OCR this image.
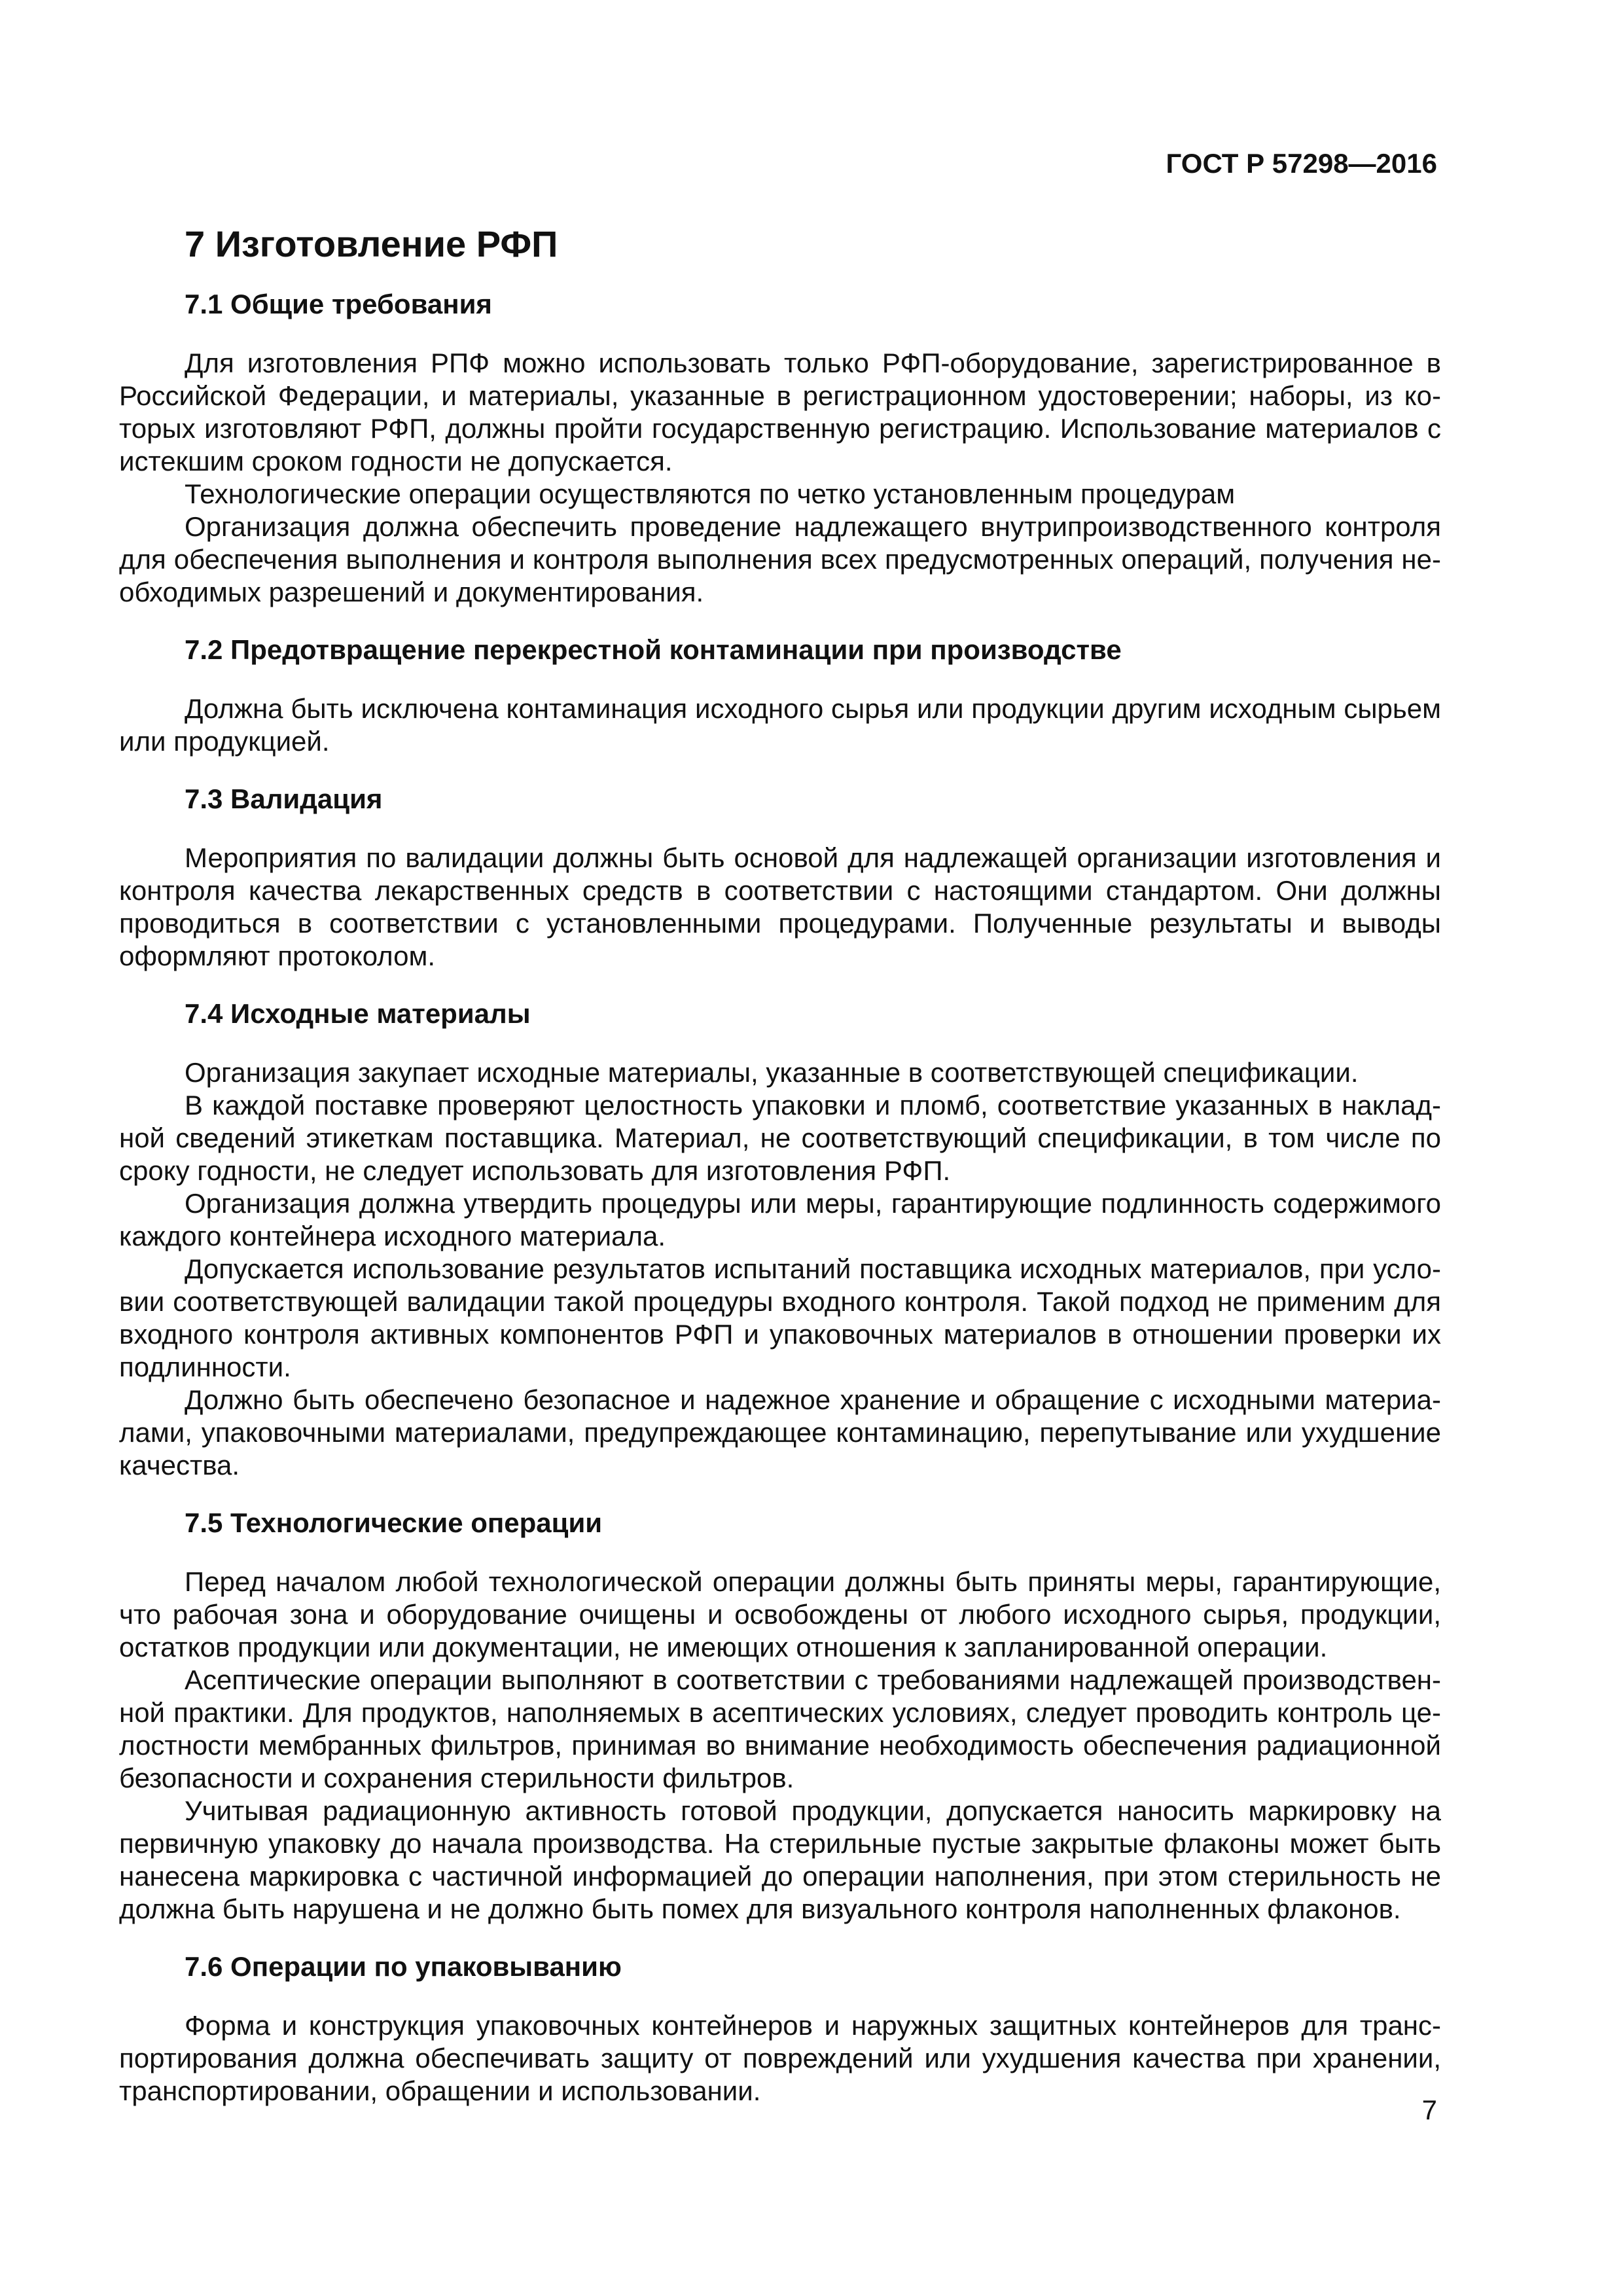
ГОСТ Р 57298—2016
7 Изготовление РФП
7.1 Общие требования

Для изготовления РПФ можно использовать только РФП-оборудование, зарегистрированное в Российской Федерации, и материалы, указанные в регистрационном удостоверении; наборы, из которых изготовляют РФП, должны пройти государственную регистрацию. Использование материалов с истекшим сроком годности не допускается.

Технологические операции осуществляются по четко установленным процедурам

Организация должна обеспечить проведение надлежащего внутрипроизводственного контроля для обеспечения выполнения и контроля выполнения всех предусмотренных операций, получения необходимых разрешений и документирования.

7.2 Предотвращение перекрестной контаминации при производстве

Должна быть исключена контаминация исходного сырья или продукции другим исходным сырьем или продукцией.

7.3 Валидация

Мероприятия по валидации должны быть основой для надлежащей организации изготовления и контроля качества лекарственных средств в соответствии с настоящими стандартом. Они должны проводиться в соответствии с установленными процедурами. Полученные результаты и выводы оформляют протоколом.

7.4 Исходные материалы

Организация закупает исходные материалы, указанные в соответствующей спецификации.

В каждой поставке проверяют целостность упаковки и пломб, соответствие указанных в накладной сведений этикеткам поставщика. Материал, не соответствующий спецификации, в том числе по сроку годности, не следует использовать для изготовления РФП.

Организация должна утвердить процедуры или меры, гарантирующие подлинность содержимого каждого контейнера исходного материала.

Допускается использование результатов испытаний поставщика исходных материалов, при условии соответствующей валидации такой процедуры входного контроля. Такой подход не применим для входного контроля активных компонентов РФП и упаковочных материалов в отношении проверки их подлинности.

Должно быть обеспечено безопасное и надежное хранение и обращение с исходными материалами, упаковочными материалами, предупреждающее контаминацию, перепутывание или ухудшение качества.

7.5 Технологические операции

Перед началом любой технологической операции должны быть приняты меры, гарантирующие, что рабочая зона и оборудование очищены и освобождены от любого исходного сырья, продукции, остатков продукции или документации, не имеющих отношения к запланированной операции.

Асептические операции выполняют в соответствии с требованиями надлежащей производственной практики. Для продуктов, наполняемых в асептических условиях, следует проводить контроль целостности мембранных фильтров, принимая во внимание необходимость обеспечения радиационной безопасности и сохранения стерильности фильтров.

Учитывая радиационную активность готовой продукции, допускается наносить маркировку на первичную упаковку до начала производства. На стерильные пустые закрытые флаконы может быть нанесена маркировка с частичной информацией до операции наполнения, при этом стерильность не должна быть нарушена и не должно быть помех для визуального контроля наполненных флаконов.

7.6 Операции по упаковыванию

Форма и конструкция упаковочных контейнеров и наружных защитных контейнеров для транспортирования должна обеспечивать защиту от повреждений или ухудшения качества при хранении, транспортировании, обращении и использовании.

7
